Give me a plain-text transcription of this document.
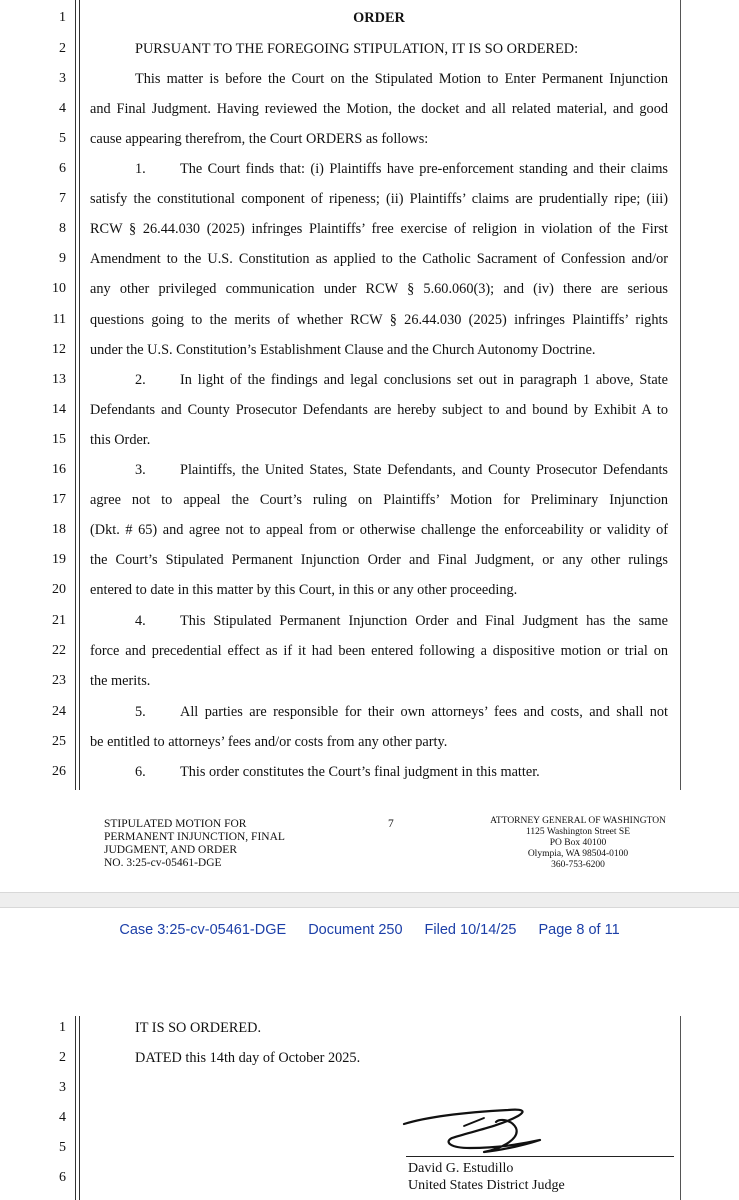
1
2
3
4
5
6
7
8
9
10
11
12
13
14
15
16
17
18
19
20
21
22
23
24
25
26
ORDER
PURSUANT TO THE FOREGOING STIPULATION, IT IS SO ORDERED:
This matter is before the Court on the Stipulated Motion to Enter Permanent Injunction
and Final Judgment. Having reviewed the Motion, the docket and all related material, and good
cause appearing therefrom, the Court ORDERS as follows:
1.	The Court finds that: (i) Plaintiffs have pre-enforcement standing and their claims
satisfy the constitutional component of ripeness; (ii) Plaintiffs’ claims are prudentially ripe; (iii)
RCW § 26.44.030 (2025) infringes Plaintiffs’ free exercise of religion in violation of the First
Amendment to the U.S. Constitution as applied to the Catholic Sacrament of Confession and/or
any other privileged communication under RCW § 5.60.060(3); and (iv) there are serious
questions going to the merits of whether RCW § 26.44.030 (2025) infringes Plaintiffs’ rights
under the U.S. Constitution’s Establishment Clause and the Church Autonomy Doctrine.
2.	In light of the findings and legal conclusions set out in paragraph 1 above, State
Defendants and County Prosecutor Defendants are hereby subject to and bound by Exhibit A to
this Order.
3.	Plaintiffs, the United States, State Defendants, and County Prosecutor Defendants
agree not to appeal the Court’s ruling on Plaintiffs’ Motion for Preliminary Injunction
(Dkt. # 65) and agree not to appeal from or otherwise challenge the enforceability or validity of
the Court’s Stipulated Permanent Injunction Order and Final Judgment, or any other rulings
entered to date in this matter by this Court, in this or any other proceeding.
4.	This Stipulated Permanent Injunction Order and Final Judgment has the same
force and precedential effect as if it had been entered following a dispositive motion or trial on
the merits.
5.	All parties are responsible for their own attorneys’ fees and costs, and shall not
be entitled to attorneys’ fees and/or costs from any other party.
6.	This order constitutes the Court’s final judgment in this matter.
STIPULATED MOTION FOR
PERMANENT INJUNCTION, FINAL
JUDGMENT, AND ORDER
NO. 3:25-cv-05461-DGE
7	ATTORNEY GENERAL OF WASHINGTON
1125 Washington Street SE
PO Box 40100
Olympia, WA 98504-0100
360-753-6200
1
2
3
4
5
6
IT IS SO ORDERED.
DATED this 14th day of October 2025.
Case 3:25-cv-05461-DGE Document 250 Filed 10/14/25 Page 8 of 11
David G. Estudillo
United States District Judge
